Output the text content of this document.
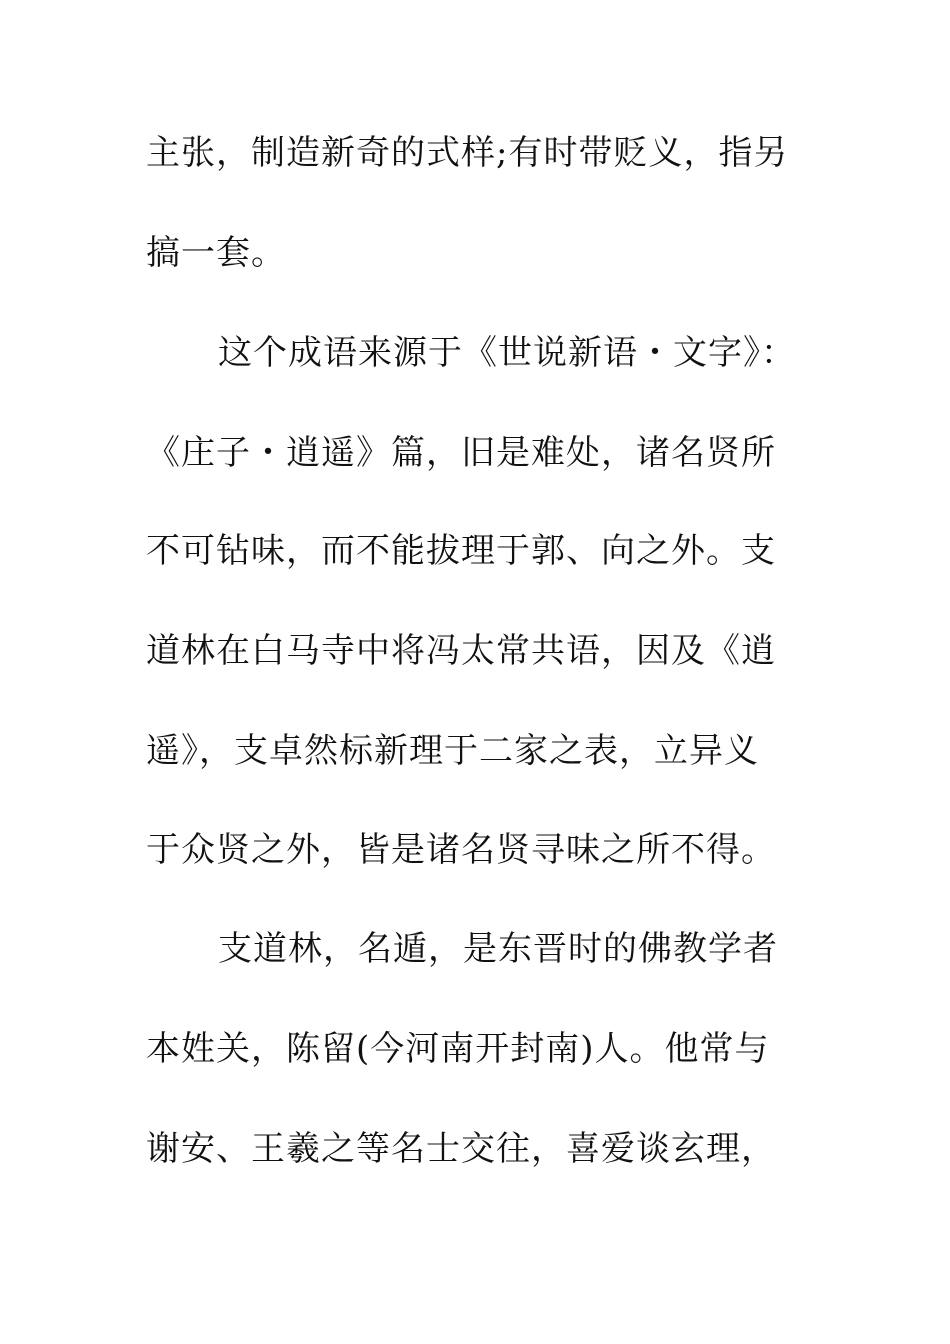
主张，制造新奇的式样;有时带贬义，指另
搞一套。
这个成语来源于《世说新语・文字》：
《庄子・逍遥》篇，旧是难处，诸名贤所
不可钻味，而不能拔理于郭、向之外。支
道林在白马寺中将冯太常共语，因及《逍
遥》，支卓然标新理于二家之表，立异义
于众贤之外，皆是诸名贤寻味之所不得。
支道林，名遁，是东晋时的佛教学者
本姓关，陈留(今河南开封南)人。他常与
谢安、王羲之等名士交往，喜爱谈玄理，
